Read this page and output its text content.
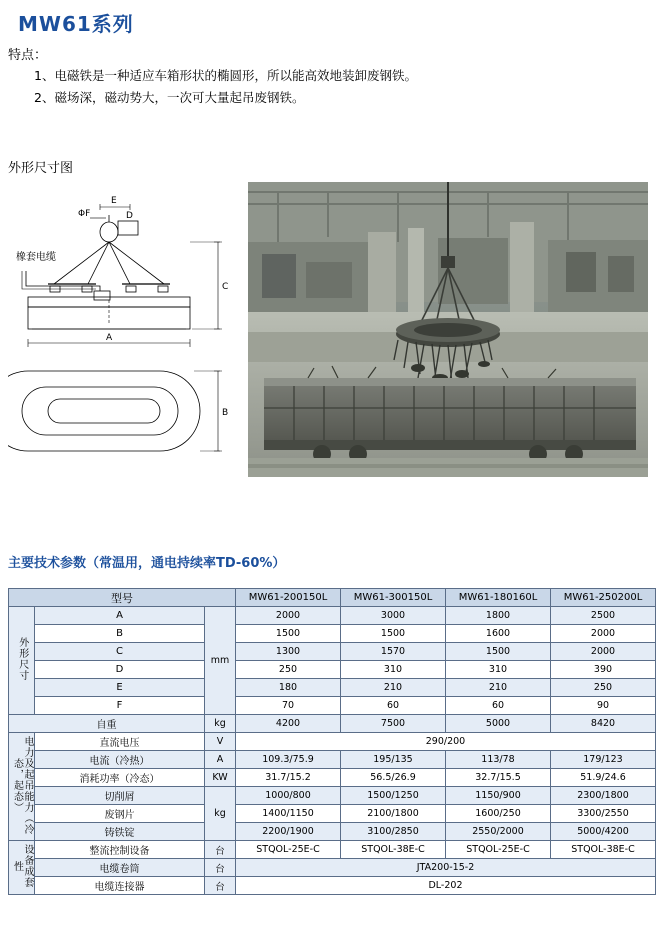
MW61系列
特点：
1、电磁铁是一种适应车箱形状的椭圆形，所以能高效地装卸废钢铁。
2、磁场深，磁动势大，一次可大量起吊废钢铁。
外形尺寸图
E
ΦF	D
A
C
B
橡套电缆
主要技术参数（常温用，通电持续率TD-60%）
型号			MW61-200150L	MW61-300150L	MW61-180160L	MW61-250200L
外形尺寸	A	mm	2000	3000	1800	2500
	B		1500	1500	1600	2000
	C		1300	1570	1500	2000
	D		250	310	310	390
	E		180	210	210	250
	F		70	60	60	90
自重		kg	4200	7500	5000	8420
电力及起吊能力（冷态，起态）	直流电压	V	290/200			
	电流（冷热）	A	109.3/75.9	195/135	113/78	179/123
	消耗功率（冷态）	KW	31.7/15.2	56.5/26.9	32.7/15.5	51.9/24.6
	切削屑	kg	1000/800	1500/1250	1150/900	2300/1800
	废钢片		1400/1150	2100/1800	1600/250	3300/2550
	铸铁锭		2200/1900	3100/2850	2550/2000	5000/4200
设备成套性	整流控制设备	台	STQOL-25E-C	STQOL-38E-C	STQOL-25E-C	STQOL-38E-C
	电缆卷筒	台	JTA200-15-2			
	电缆连接器	台	DL-202			
